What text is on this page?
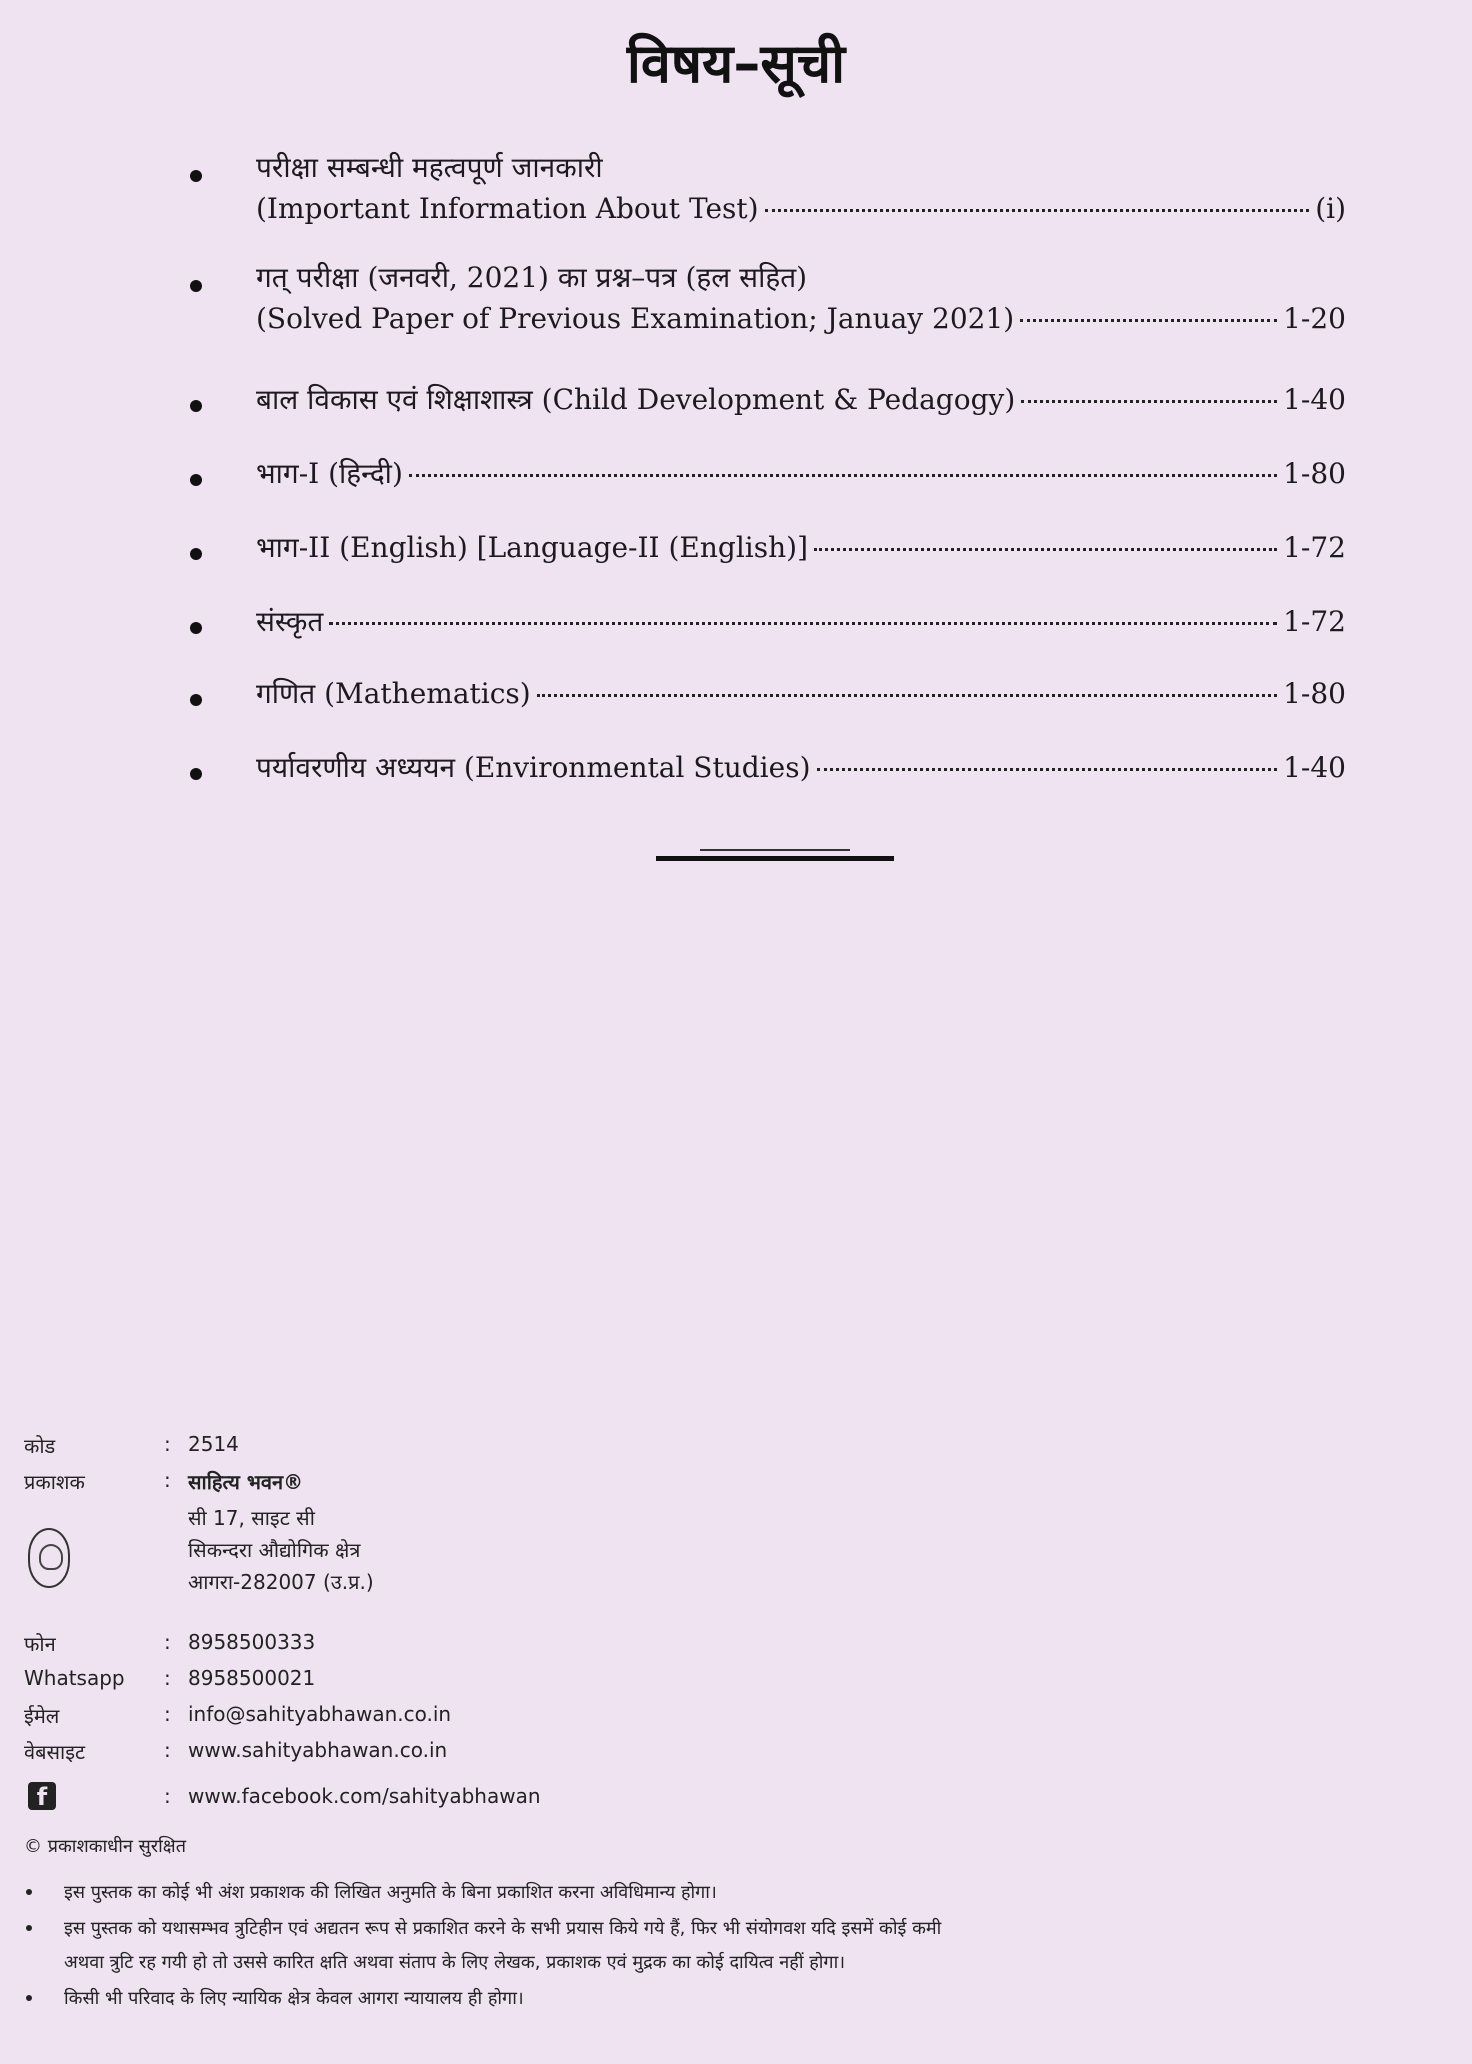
विषय–सूची
परीक्षा सम्बन्धी महत्वपूर्ण जानकारी
(Important Information About Test)	(i)
गत् परीक्षा (जनवरी, 2021) का प्रश्न–पत्र (हल सहित)
(Solved Paper of Previous Examination; Januay 2021)	1-20
बाल विकास एवं शिक्षाशास्त्र (Child Development & Pedagogy)	1-40
भाग-I (हिन्दी)	1-80
भाग-II (English) [Language-II (English)]	1-72
संस्कृत	1-72
गणित (Mathematics)	1-80
पर्यावरणीय अध्ययन (Environmental Studies)	1-40
कोड	: 2514
प्रकाशक	: साहित्य भवन®
सी 17, साइट सी
सिकन्दरा औद्योगिक क्षेत्र
आगरा-282007 (उ.प्र.)
फोन	: 8958500333
Whatsapp	: 8958500021
ईमेल	: info@sahityabhawan.co.in
वेबसाइट	: www.sahityabhawan.co.in
f	: www.facebook.com/sahityabhawan
© प्रकाशकाधीन सुरक्षित
इस पुस्तक का कोई भी अंश प्रकाशक की लिखित अनुमति के बिना प्रकाशित करना अविधिमान्य होगा।
इस पुस्तक को यथासम्भव त्रुटिहीन एवं अद्यतन रूप से प्रकाशित करने के सभी प्रयास किये गये हैं, फिर भी संयोगवश यदि इसमें कोई कमी
अथवा त्रुटि रह गयी हो तो उससे कारित क्षति अथवा संताप के लिए लेखक, प्रकाशक एवं मुद्रक का कोई दायित्व नहीं होगा।
किसी भी परिवाद के लिए न्यायिक क्षेत्र केवल आगरा न्यायालय ही होगा।
